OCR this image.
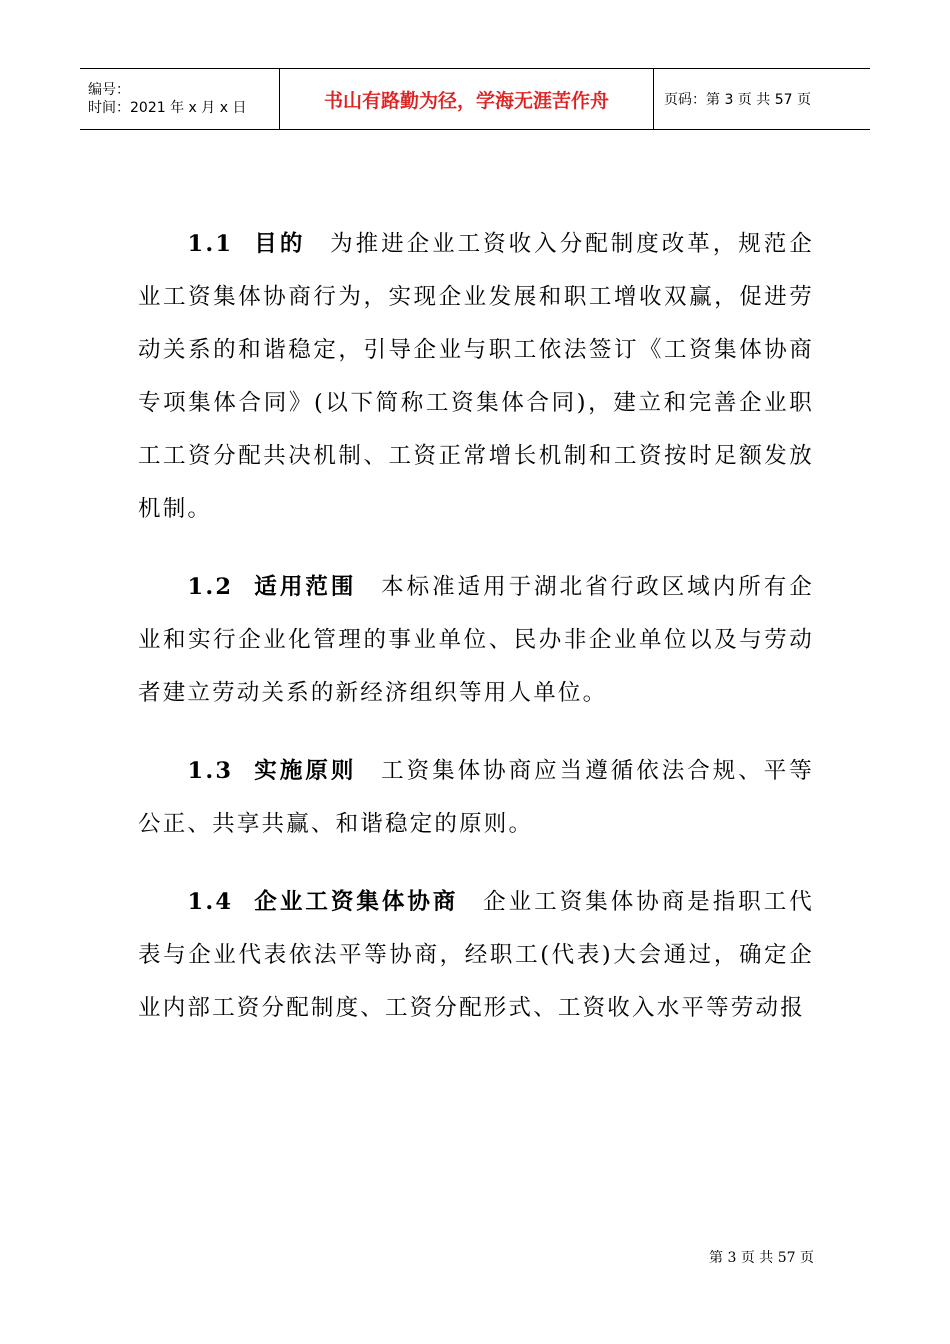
编号：
时间：2021 年 x 月 x 日	书山有路勤为径，学海无涯苦作舟	页码：第 3 页 共 57 页

1.1 目的 为推进企业工资收入分配制度改革，规范企业工资集体协商行为，实现企业发展和职工增收双赢，促进劳动关系的和谐稳定，引导企业与职工依法签订《工资集体协商专项集体合同》(以下简称工资集体合同)，建立和完善企业职工工资分配共决机制、工资正常增长机制和工资按时足额发放机制。

1.2 适用范围 本标准适用于湖北省行政区域内所有企业和实行企业化管理的事业单位、民办非企业单位以及与劳动者建立劳动关系的新经济组织等用人单位。

1.3 实施原则 工资集体协商应当遵循依法合规、平等公正、共享共赢、和谐稳定的原则。

1.4 企业工资集体协商 企业工资集体协商是指职工代表与企业代表依法平等协商，经职工(代表)大会通过，确定企业内部工资分配制度、工资分配形式、工资收入水平等劳动报

第 3 页 共 57 页
